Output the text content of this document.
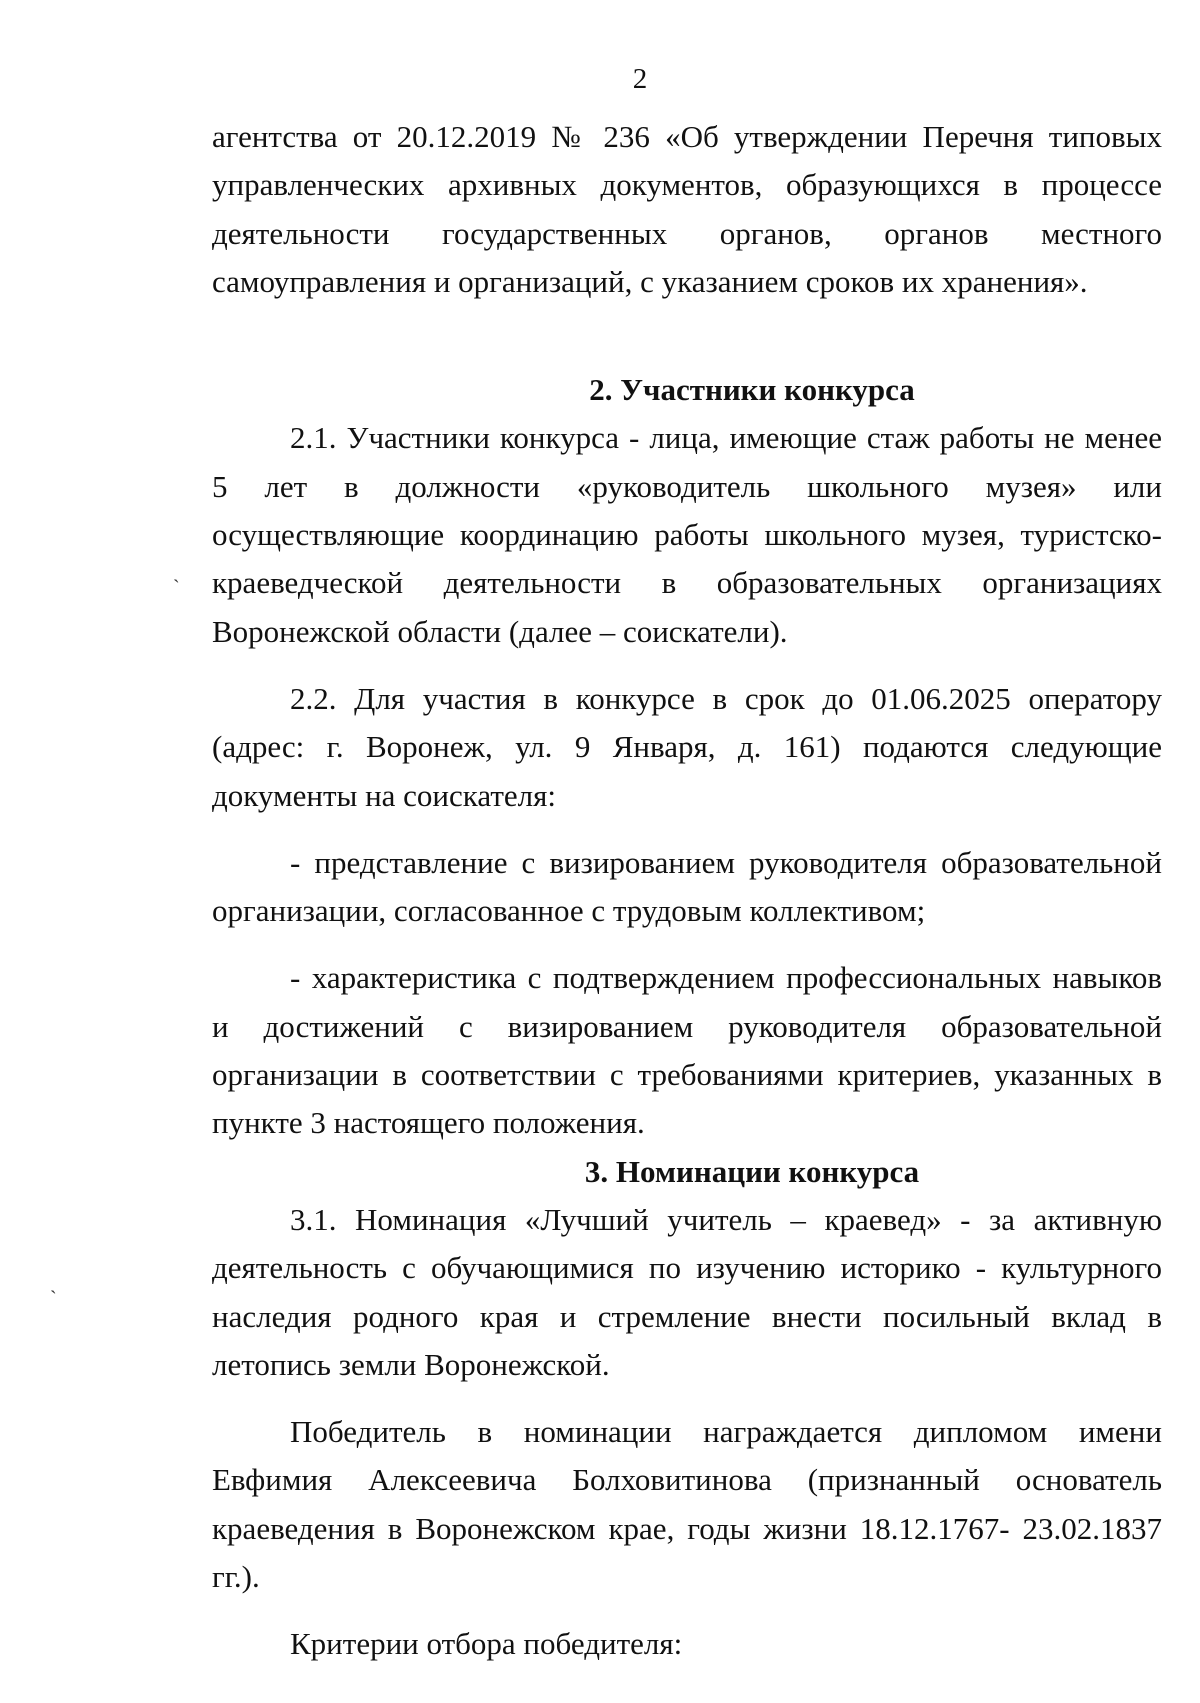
2

агентства от 20.12.2019 № 236 «Об утверждении Перечня типовых управленческих архивных документов, образующихся в процессе деятельности государственных органов, органов местного самоуправления и организаций, с указанием сроков их хранения».

2. Участники конкурса

2.1. Участники конкурса - лица, имеющие стаж работы не менее 5 лет в должности «руководитель школьного музея» или осуществляющие координацию работы школьного музея, туристско-краеведческой деятельности в образовательных организациях Воронежской области (далее – соискатели).

2.2. Для участия в конкурсе в срок до 01.06.2025 оператору (адрес: г. Воронеж, ул. 9 Января, д. 161) подаются следующие документы на соискателя:

- представление с визированием руководителя образовательной организации, согласованное с трудовым коллективом;

- характеристика с подтверждением профессиональных навыков и достижений с визированием руководителя образовательной организации в соответствии с требованиями критериев, указанных в пункте 3 настоящего положения.

3. Номинации конкурса

3.1. Номинация «Лучший учитель – краевед» - за активную деятельность с обучающимися по изучению историко - культурного наследия родного края и стремление внести посильный вклад в летопись земли Воронежской.

Победитель в номинации награждается дипломом имени Евфимия Алексеевича Болховитинова (признанный основатель краеведения в Воронежском крае, годы жизни 18.12.1767- 23.02.1837 гг.).

Критерии отбора победителя:

ˎ
ˏ
